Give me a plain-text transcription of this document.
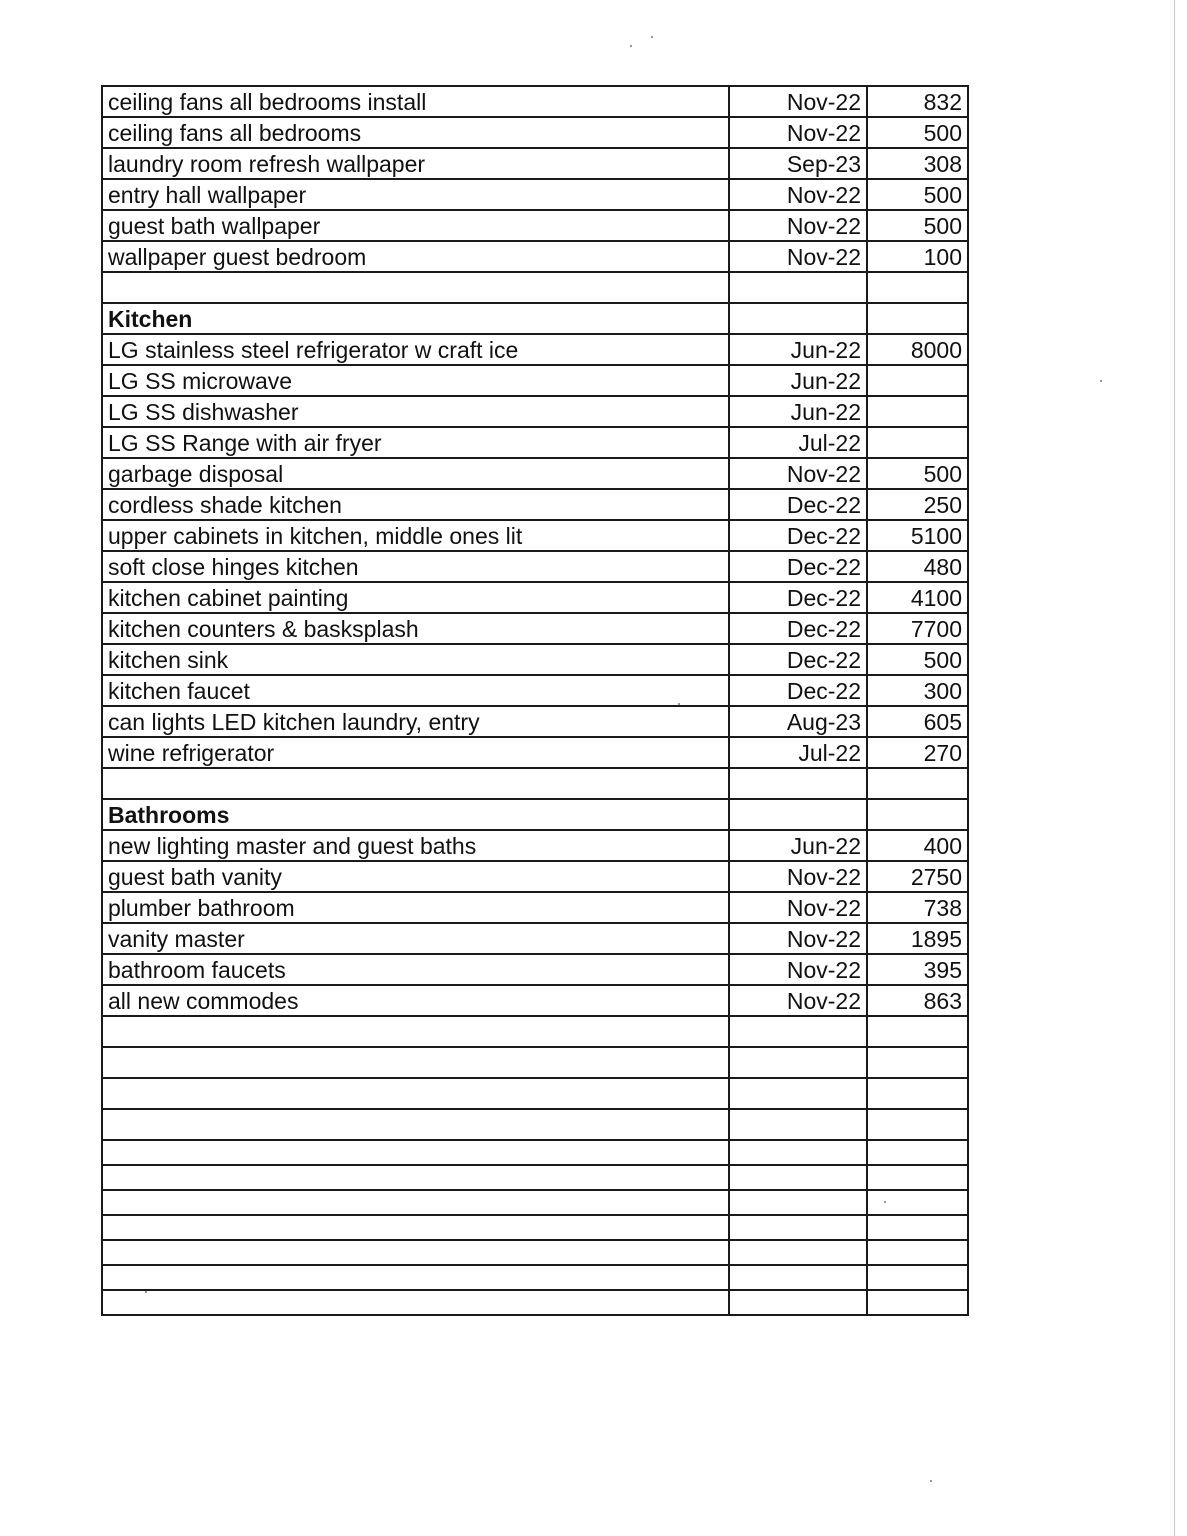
ceiling fans all bedrooms install	Nov-22	832
ceiling fans all bedrooms	Nov-22	500
laundry room refresh wallpaper	Sep-23	308
entry hall wallpaper	Nov-22	500
guest bath wallpaper	Nov-22	500
wallpaper guest bedroom	Nov-22	100

Kitchen		
LG stainless steel refrigerator w craft ice	Jun-22	8000
LG SS microwave	Jun-22	
LG SS dishwasher	Jun-22	
LG SS Range with air fryer	Jul-22	
garbage disposal	Nov-22	500
cordless shade kitchen	Dec-22	250
upper cabinets in kitchen, middle ones lit	Dec-22	5100
soft close hinges kitchen	Dec-22	480
kitchen cabinet painting	Dec-22	4100
kitchen counters & basksplash	Dec-22	7700
kitchen sink	Dec-22	500
kitchen faucet	Dec-22	300
can lights LED kitchen laundry, entry	Aug-23	605
wine refrigerator	Jul-22	270

Bathrooms		
new lighting master and guest baths	Jun-22	400
guest bath vanity	Nov-22	2750
plumber bathroom	Nov-22	738
vanity master	Nov-22	1895
bathroom faucets	Nov-22	395
all new commodes	Nov-22	863
